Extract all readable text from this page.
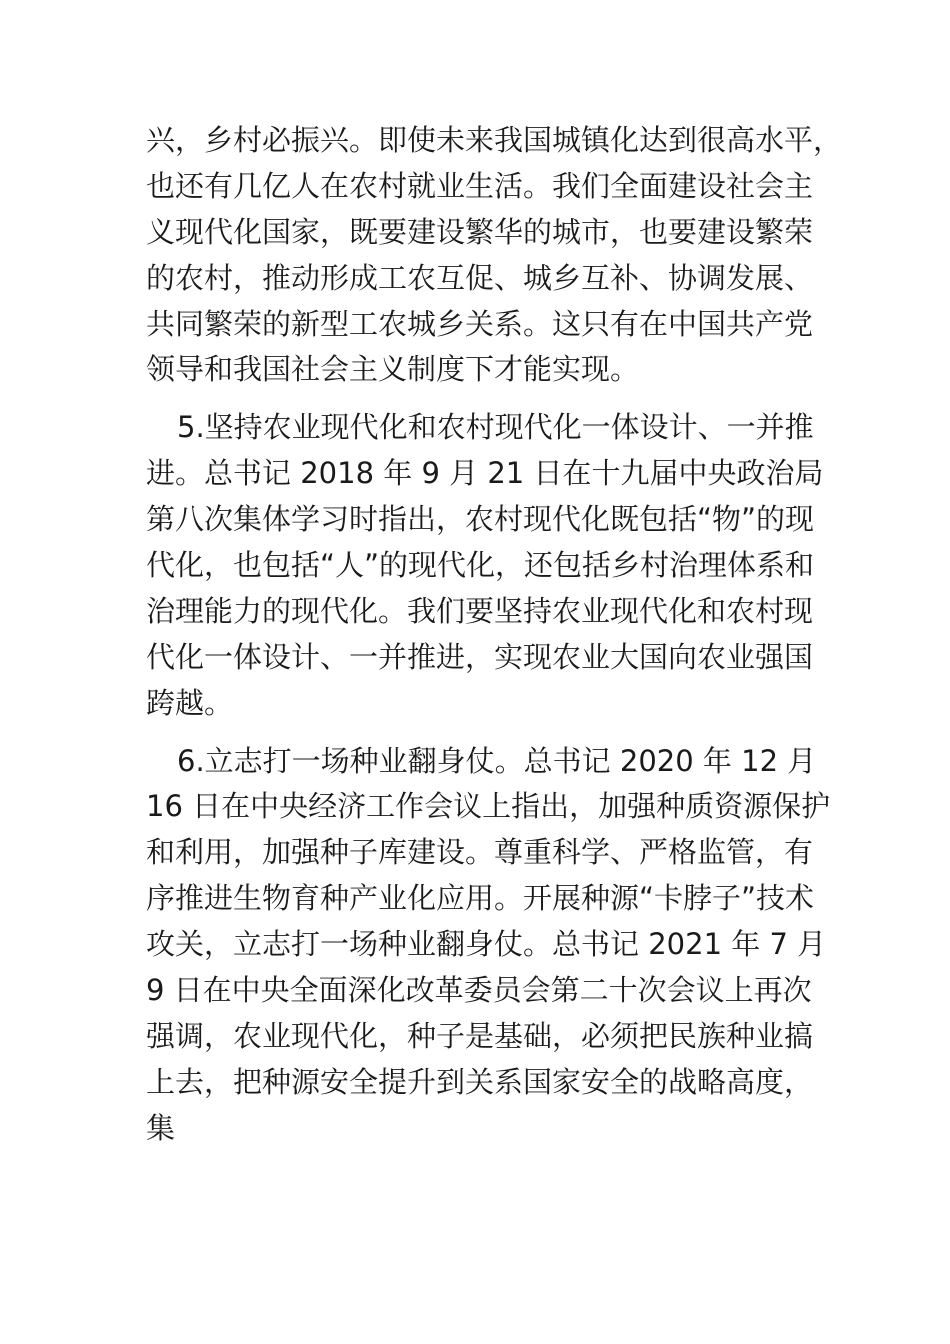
兴，乡村必振兴。即使未来我国城镇化达到很高水平，
也还有几亿人在农村就业生活。我们全面建设社会主
义现代化国家，既要建设繁华的城市，也要建设繁荣
的农村，推动形成工农互促、城乡互补、协调发展、
共同繁荣的新型工农城乡关系。这只有在中国共产党
领导和我国社会主义制度下才能实现。

5.坚持农业现代化和农村现代化一体设计、一并推
进。总书记 2018 年 9 月 21 日在十九届中央政治局
第八次集体学习时指出，农村现代化既包括“物”的现
代化，也包括“人”的现代化，还包括乡村治理体系和
治理能力的现代化。我们要坚持农业现代化和农村现
代化一体设计、一并推进，实现农业大国向农业强国
跨越。

6.立志打一场种业翻身仗。总书记 2020 年 12 月
16 日在中央经济工作会议上指出，加强种质资源保护
和利用，加强种子库建设。尊重科学、严格监管，有
序推进生物育种产业化应用。开展种源“卡脖子”技术
攻关，立志打一场种业翻身仗。总书记 2021 年 7 月
9 日在中央全面深化改革委员会第二十次会议上再次
强调，农业现代化，种子是基础，必须把民族种业搞
上去，把种源安全提升到关系国家安全的战略高度，
集
